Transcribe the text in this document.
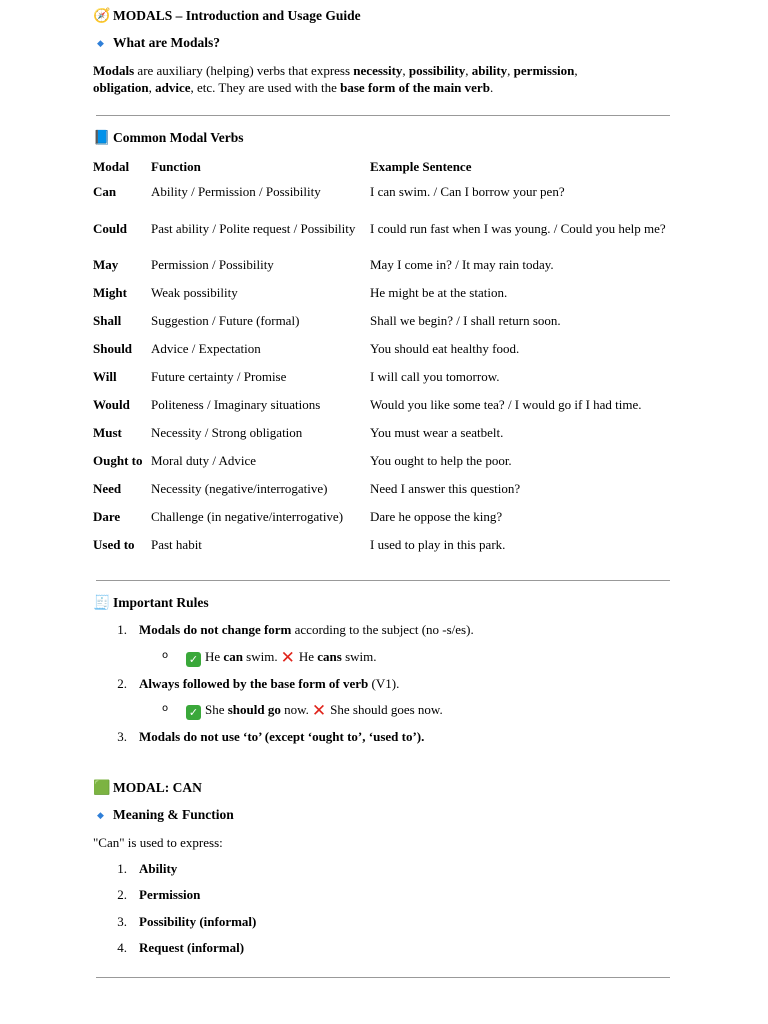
🧭 MODALS – Introduction and Usage Guide
◆ What are Modals?
Modals are auxiliary (helping) verbs that express necessity, possibility, ability, permission,
obligation, advice, etc. They are used with the base form of the main verb.
📘 Common Modal Verbs
Modal	Function	Example Sentence
Can	Ability / Permission / Possibility	I can swim. / Can I borrow your pen?
Could	Past ability / Polite request / Possibility	I could run fast when I was young. / Could you help me?
May	Permission / Possibility	May I come in? / It may rain today.
Might	Weak possibility	He might be at the station.
Shall	Suggestion / Future (formal)	Shall we begin? / I shall return soon.
Should	Advice / Expectation	You should eat healthy food.
Will	Future certainty / Promise	I will call you tomorrow.
Would	Politeness / Imaginary situations	Would you like some tea? / I would go if I had time.
Must	Necessity / Strong obligation	You must wear a seatbelt.
Ought to	Moral duty / Advice	You ought to help the poor.
Need	Necessity (negative/interrogative)	Need I answer this question?
Dare	Challenge (in negative/interrogative)	Dare he oppose the king?
Used to	Past habit	I used to play in this park.
🧾 Important Rules
1. Modals do not change form according to the subject (no -s/es).
o ✓ He can swim. ✕ He cans swim.
2. Always followed by the base form of verb (V1).
o ✓ She should go now. ✕ She should goes now.
3. Modals do not use ‘to’ (except ‘ought to’, ‘used to’).
🟩 MODAL: CAN
◆ Meaning & Function
"Can" is used to express:
1. Ability
2. Permission
3. Possibility (informal)
4. Request (informal)
